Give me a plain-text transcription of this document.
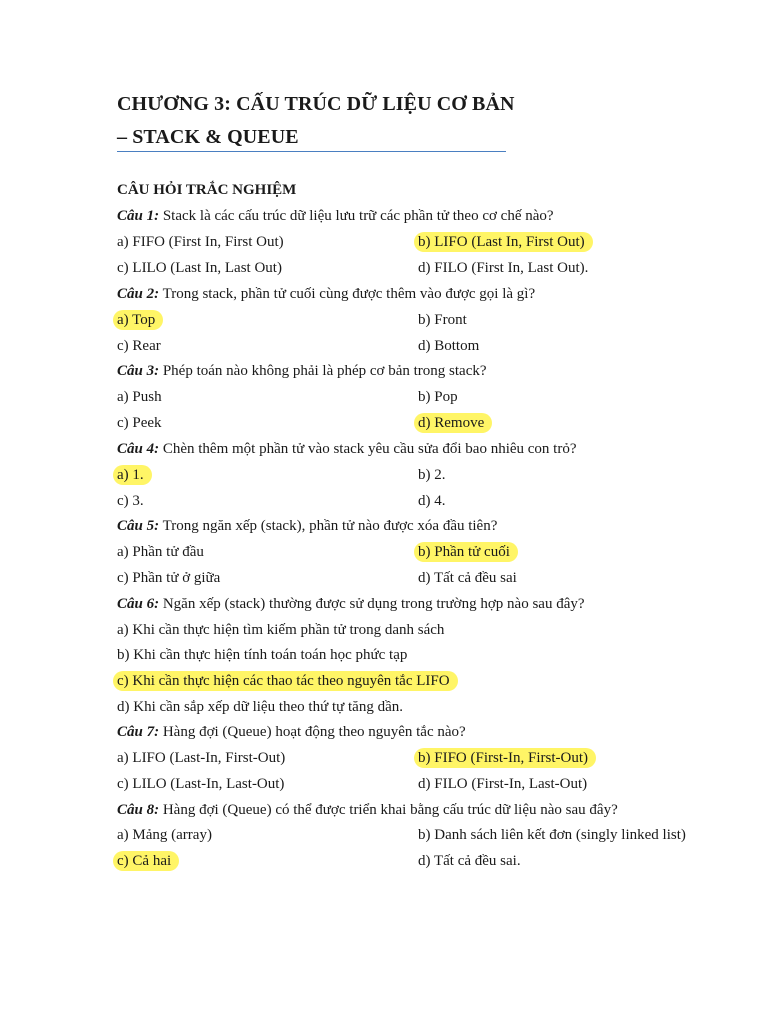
CHƯƠNG 3: CẤU TRÚC DỮ LIỆU CƠ BẢN
– STACK & QUEUE
CÂU HỎI TRẮC NGHIỆM
Câu 1: Stack là các cấu trúc dữ liệu lưu trữ các phần tử theo cơ chế nào?
a) FIFO (First In, First Out)	b) LIFO (Last In, First Out)
c) LILO (Last In, Last Out)	d) FILO (First In, Last Out).
Câu 2: Trong stack, phần tử cuối cùng được thêm vào được gọi là gì?
a) Top	b) Front
c) Rear	d) Bottom
Câu 3: Phép toán nào không phải là phép cơ bản trong stack?
a) Push	b) Pop
c) Peek	d) Remove
Câu 4: Chèn thêm một phần tử vào stack yêu cầu sửa đổi bao nhiêu con trỏ?
a) 1.	b) 2.
c) 3.	d) 4.
Câu 5: Trong ngăn xếp (stack), phần tử nào được xóa đầu tiên?
a) Phần tử đầu	b) Phần tử cuối
c) Phần tử ở giữa	d) Tất cả đều sai
Câu 6: Ngăn xếp (stack) thường được sử dụng trong trường hợp nào sau đây?
a) Khi cần thực hiện tìm kiếm phần tử trong danh sách
b) Khi cần thực hiện tính toán toán học phức tạp
c) Khi cần thực hiện các thao tác theo nguyên tắc LIFO
d) Khi cần sắp xếp dữ liệu theo thứ tự tăng dần.
Câu 7: Hàng đợi (Queue) hoạt động theo nguyên tắc nào?
a) LIFO (Last-In, First-Out)	b) FIFO (First-In, First-Out)
c) LILO (Last-In, Last-Out)	d) FILO (First-In, Last-Out)
Câu 8: Hàng đợi (Queue) có thể được triển khai bằng cấu trúc dữ liệu nào sau đây?
a) Mảng (array)	b) Danh sách liên kết đơn (singly linked list)
c) Cả hai	d) Tất cả đều sai.
